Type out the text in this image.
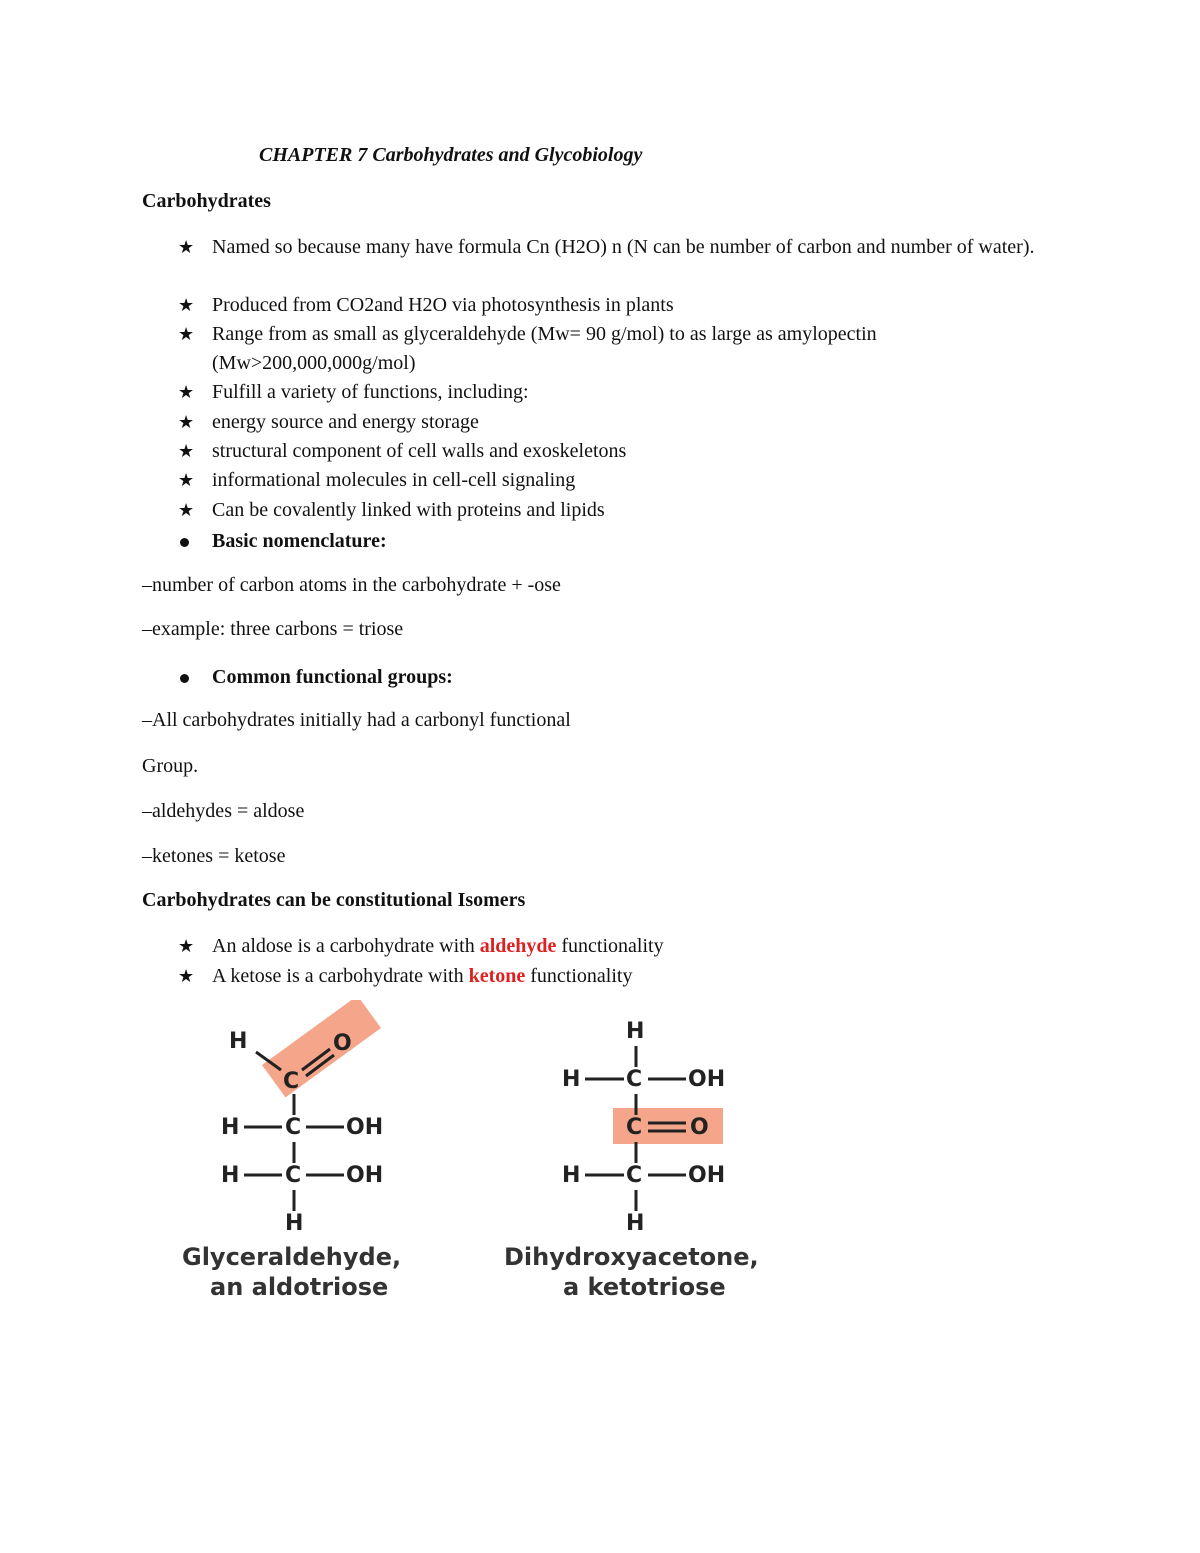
CHAPTER 7 Carbohydrates and Glycobiology
Carbohydrates
★ Named so because many have formula Cn (H2O) n (N can be number of carbon and number of water).
★ Produced from CO2and H2O via photosynthesis in plants
★ Range from as small as glyceraldehyde (Mw= 90 g/mol) to as large as amylopectin (Mw>200,000,000g/mol)
★ Fulfill a variety of functions, including:
★ energy source and energy storage
★ structural component of cell walls and exoskeletons
★ informational molecules in cell-cell signaling
★ Can be covalently linked with proteins and lipids
Basic nomenclature:
–number of carbon atoms in the carbohydrate + -ose
–example: three carbons = triose
Common functional groups:
–All carbohydrates initially had a carbonyl functional
Group.
–aldehydes = aldose
–ketones = ketose
Carbohydrates can be constitutional Isomers
★ An aldose is a carbohydrate with aldehyde functionality
★ A ketose is a carbohydrate with ketone functionality
H
C
O
H C OH
H C OH
H
Glyceraldehyde,
an aldotriose
H
H C OH
C O
H C OH
H
Dihydroxyacetone,
a ketotriose
